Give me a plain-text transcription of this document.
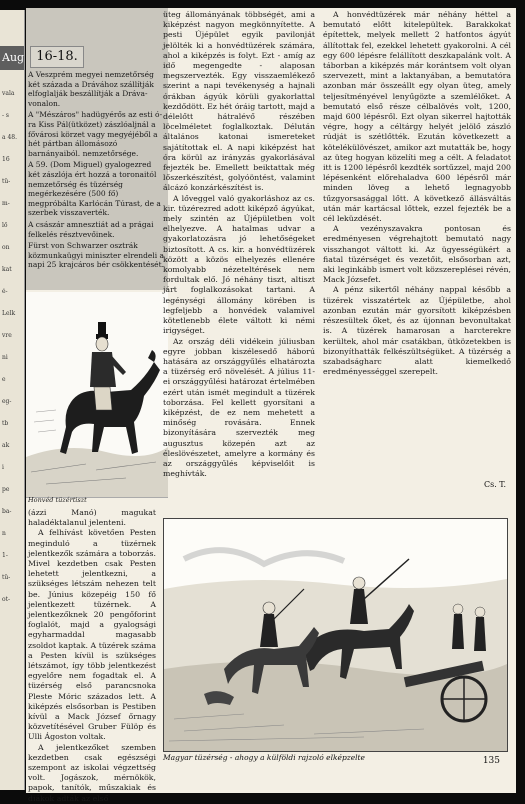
Aug
vala
- s
a 48.
16
tü-
m-
lő
on
kat
é-
Lelk
vre
ni
e
eg-
tb
ak
i
pe
ba-
n
1-
tü-
ot-
16-18.

A Veszprém megyei nemzetőrség két százada a Drávához szállítják elfoglalják beszállítják a Dráva-vonalon.

A "Mészáros" hadügyérős az esti ó-ra Kiss Pál(ütközet) zászlóaljnál a fővárosi körzet vagy megyéjéből a hét pártban állomásozó barnányaiból. nemzetőrsége.

A 59. (Dom Miguel) gyalogezred két zászlója ért hozzá a toronaitól nemzetőrség és tüzérség megérkezésére (500 fő) megpróbálta Karlócán Túrast, de a szerbek visszaverték.

A császár amnesztiát ad a prágai felkelés résztvevőinek.

Fürst von Schwarzer osztrák közmunkaügyi miniszter elrendeli a napi 25 krajcáros bér csökkentését.

Honvéd tüzértiszt

(ázzi Manó) magukat haladéktalanul jelenteni.

A felhívást követően Pesten meginduló a tüzérnek jelentkezők számára a toborzás. Mivel kezdetben csak Pesten lehetett jelentkezni, a szükséges létszám nehezen telt be. Június közepéig 150 fő jelentkezett tüzérnek. A jelentkezőknek 20 pengőforint foglalót, majd a gyalogsági egyharmaddal magasabb zsoldot kaptak. A tüzérek száma a Pesten kívül is szükséges létszámot, így több jelentkezést egyelőre nem fogadtak el. A tüzérség első parancsnoka Pleste Móric százados lett. A kiképzés elsősorban is Pestiben kívül a Mack József őrnagy közvetítésével Gruber Fülöp és Ulli Ágoston voltak.

A jelentkezőket szemben kezdetben csak egészségi szempont az iskolai végzettség volt. Jogászok, mérnökök, papok, tanítók, műszakiak és diákok adták az első

üteg állományának többségét, ami a kiképzést nagyon megkönnyítette. A pesti Újépület egyik pavilonját jelölték ki a honvédtüzérek számára, ahol a kiképzés is folyt. Ezt - amíg az idő megengedte - alaposan megszervezték. Egy visszaemlékező szerint a napi tevékenység a hajnali órákban ágyúk körüli gyakorlattal kezdődött. Ez hét óráig tartott, majd a délelőtt hátralévő részében löcelméletet foglalkoztak. Délután általános katonai ismereteket sajátítottak el. A napi kiképzést hat óra körül az irányzás gyakorlásával fejezték be. Emellett beiktattak még lőszerkészítést, golyóöntést, valamint álcázó konzárkészítést is.

A lőveggel való gyakorláshoz az cs. kir. tüzérezred adott kiképző ágyúkat, mely szintén az Újépületben volt elhelyezve. A hatalmas udvar a gyakorlatozásra jó lehetőségeket biztosított. A cs. kir. a honvédtüzérek között a közös elhelyezés ellenére komolyabb nézeteltérések nem fordultak elő. Jó néhány tiszt, altiszt járt foglalkozásokat tartani. A legénységi állomány körében is legfeljebb a honvédek valamivel kötetlenebb élete váltott ki némi irigységet.

Az ország déli vidékein júliusban egyre jobban kiszélesedő háború hatására az országgyűlés elhatározta a tüzérség erő növelését. A július 11-ei országgyűlési határozat értelmében ezért után ismét megindult a tüzérek toborzása. Fel kellett gyorsítani a kiképzést, de ez nem mehetett a minőség rovására. Ennek bizonyítására szervezték meg augusztus közepén azt az éleslövészetet, amelyre a kormány és az országgyűlés képviselőit is meghívták.

A honvédtüzérek már néhány héttel a bemutató előtt kitelepültek. Barakkokat építettek, melyek mellett 2 hatfontos ágyút állítottak fel, ezekkel lehetett gyakorolni. A cél egy 600 lépésre felállított deszkapalánk volt. A táborban a kiképzés már korántsem volt olyan szervezett, mint a laktanyában, a bemutatóra azonban már összeállt egy olyan üteg, amely teljesítményével lenyűgözte a szemlélőket. A bemutató első része célbalövés volt, 1200, majd 600 lépésről. Ezt olyan sikerrel hajtották végre, hogy a céltárgy helyét jelölő zászló rúdját is szétlőtték. Ezután következett a kötelékülövészet, amikor azt mutatták be, hogy az üteg hogyan közelíti meg a célt. A feladatot itt is 1200 lépésről kezdték sortűzzel, majd 200 lépésenként előrehaladva 600 lépésről már minden löveg a lehető legnagyobb tűzgyorsasággal lőtt. A következő állásváltás után már kartácsal lőttek, ezzel fejezték be a cél leküzdését.

A vezényszavakra pontosan és eredményesen végrehajtott bemutató nagy visszhangot váltott ki. Az ügyességükért a fiatal tüzérséget és vezetőit, elsősorban azt, aki leginkább ismert volt közszereplései révén, Mack Józsefet.

A pénz sikertől néhány nappal később a tüzérek visszatértek az Újépületbe, ahol azonban ezután már gyorsított kiképzésben részesültek őket, és az újonnan bevonultakat is. A tüzérek hamarosan a harcterekre kerültek, ahol már csatákban, ütközetekben is bizonyíthatták felkészültségüket. A tüzérség a szabadságharc alatt kiemelkedő eredményességgel szerepelt.

Cs. T.
Magyar tüzérség - ahogy a külföldi rajzoló elképzelte	135
